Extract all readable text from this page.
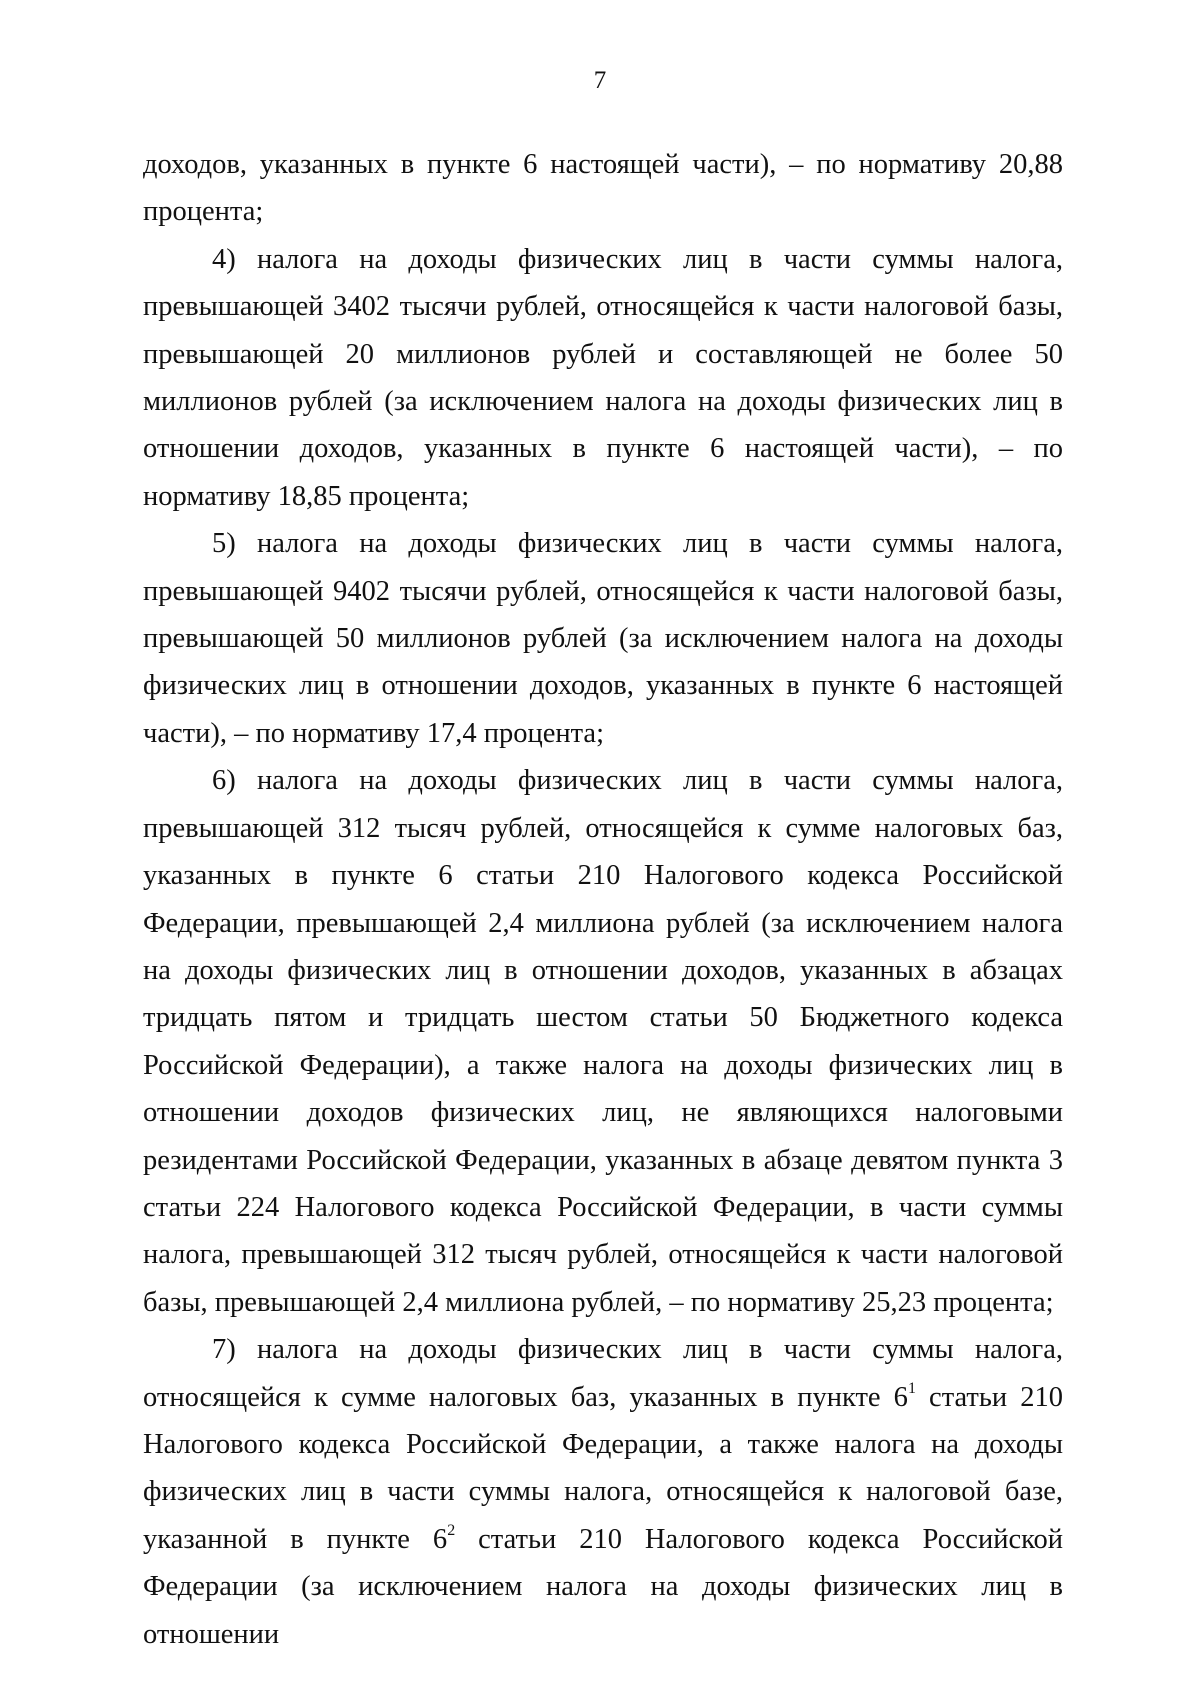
7

доходов, указанных в пункте 6 настоящей части), – по нормативу 20,88 процента;

4) налога на доходы физических лиц в части суммы налога, превышающей 3402 тысячи рублей, относящейся к части налоговой базы, превышающей 20 миллионов рублей и составляющей не более 50 миллионов рублей (за исключением налога на доходы физических лиц в отношении доходов, указанных в пункте 6 настоящей части), – по нормативу 18,85 процента;

5) налога на доходы физических лиц в части суммы налога, превышающей 9402 тысячи рублей, относящейся к части налоговой базы, превышающей 50 миллионов рублей (за исключением налога на доходы физических лиц в отношении доходов, указанных в пункте 6 настоящей части), – по нормативу 17,4 процента;

6) налога на доходы физических лиц в части суммы налога, превышающей 312 тысяч рублей, относящейся к сумме налоговых баз, указанных в пункте 6 статьи 210 Налогового кодекса Российской Федерации, превышающей 2,4 миллиона рублей (за исключением налога на доходы физических лиц в отношении доходов, указанных в абзацах тридцать пятом и тридцать шестом статьи 50 Бюджетного кодекса Российской Федерации), а также налога на доходы физических лиц в отношении доходов физических лиц, не являющихся налоговыми резидентами Российской Федерации, указанных в абзаце девятом пункта 3 статьи 224 Налогового кодекса Российской Федерации, в части суммы налога, превышающей 312 тысяч рублей, относящейся к части налоговой базы, превышающей 2,4 миллиона рублей, – по нормативу 25,23 процента;

7) налога на доходы физических лиц в части суммы налога, относящейся к сумме налоговых баз, указанных в пункте $6^1$ статьи 210 Налогового кодекса Российской Федерации, а также налога на доходы физических лиц в части суммы налога, относящейся к налоговой базе, указанной в пункте $6^2$ статьи 210 Налогового кодекса Российской Федерации (за исключением налога на доходы физических лиц в отношении
